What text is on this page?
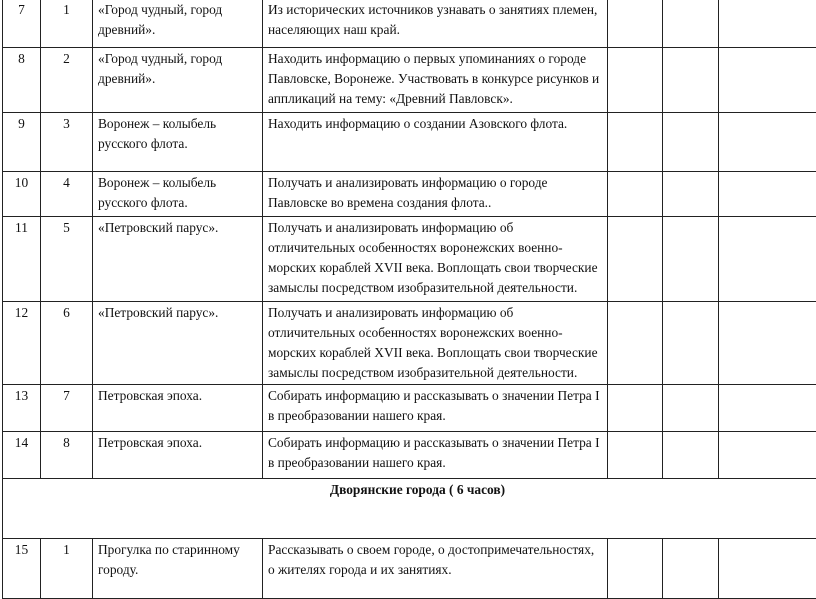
7	1	«Город чудный, город древний».	Из исторических источников узнавать о занятиях племен, населяющих наш край.			
8	2	«Город чудный, город древний».	Находить информацию о первых упоминаниях о городе Павловске, Воронеже. Участвовать в конкурсе рисунков и аппликаций на тему: «Древний Павловск».			
9	3	Воронеж – колыбель русского флота.	Находить информацию о создании Азовского флота.			
10	4	Воронеж – колыбель русского флота.	Получать и анализировать информацию о городе Павловске во времена создания флота..			
11	5	«Петровский парус».	Получать и анализировать информацию об отличительных особенностях воронежских военно-морских кораблей XVII века. Воплощать свои творческие замыслы посредством изобразительной деятельности.			
12	6	«Петровский парус».	Получать и анализировать информацию об отличительных особенностях воронежских военно-морских кораблей XVII века. Воплощать свои творческие замыслы посредством изобразительной деятельности.			
13	7	Петровская эпоха.	Собирать информацию и рассказывать о значении Петра I в преобразовании нашего края.			
14	8	Петровская эпоха.	Собирать информацию и рассказывать о значении Петра I в преобразовании нашего края.			
Дворянские города ( 6 часов)						
15	1	Прогулка по старинному городу.	Рассказывать о своем городе, о достопримечательностях, о жителях города и их занятиях.			
